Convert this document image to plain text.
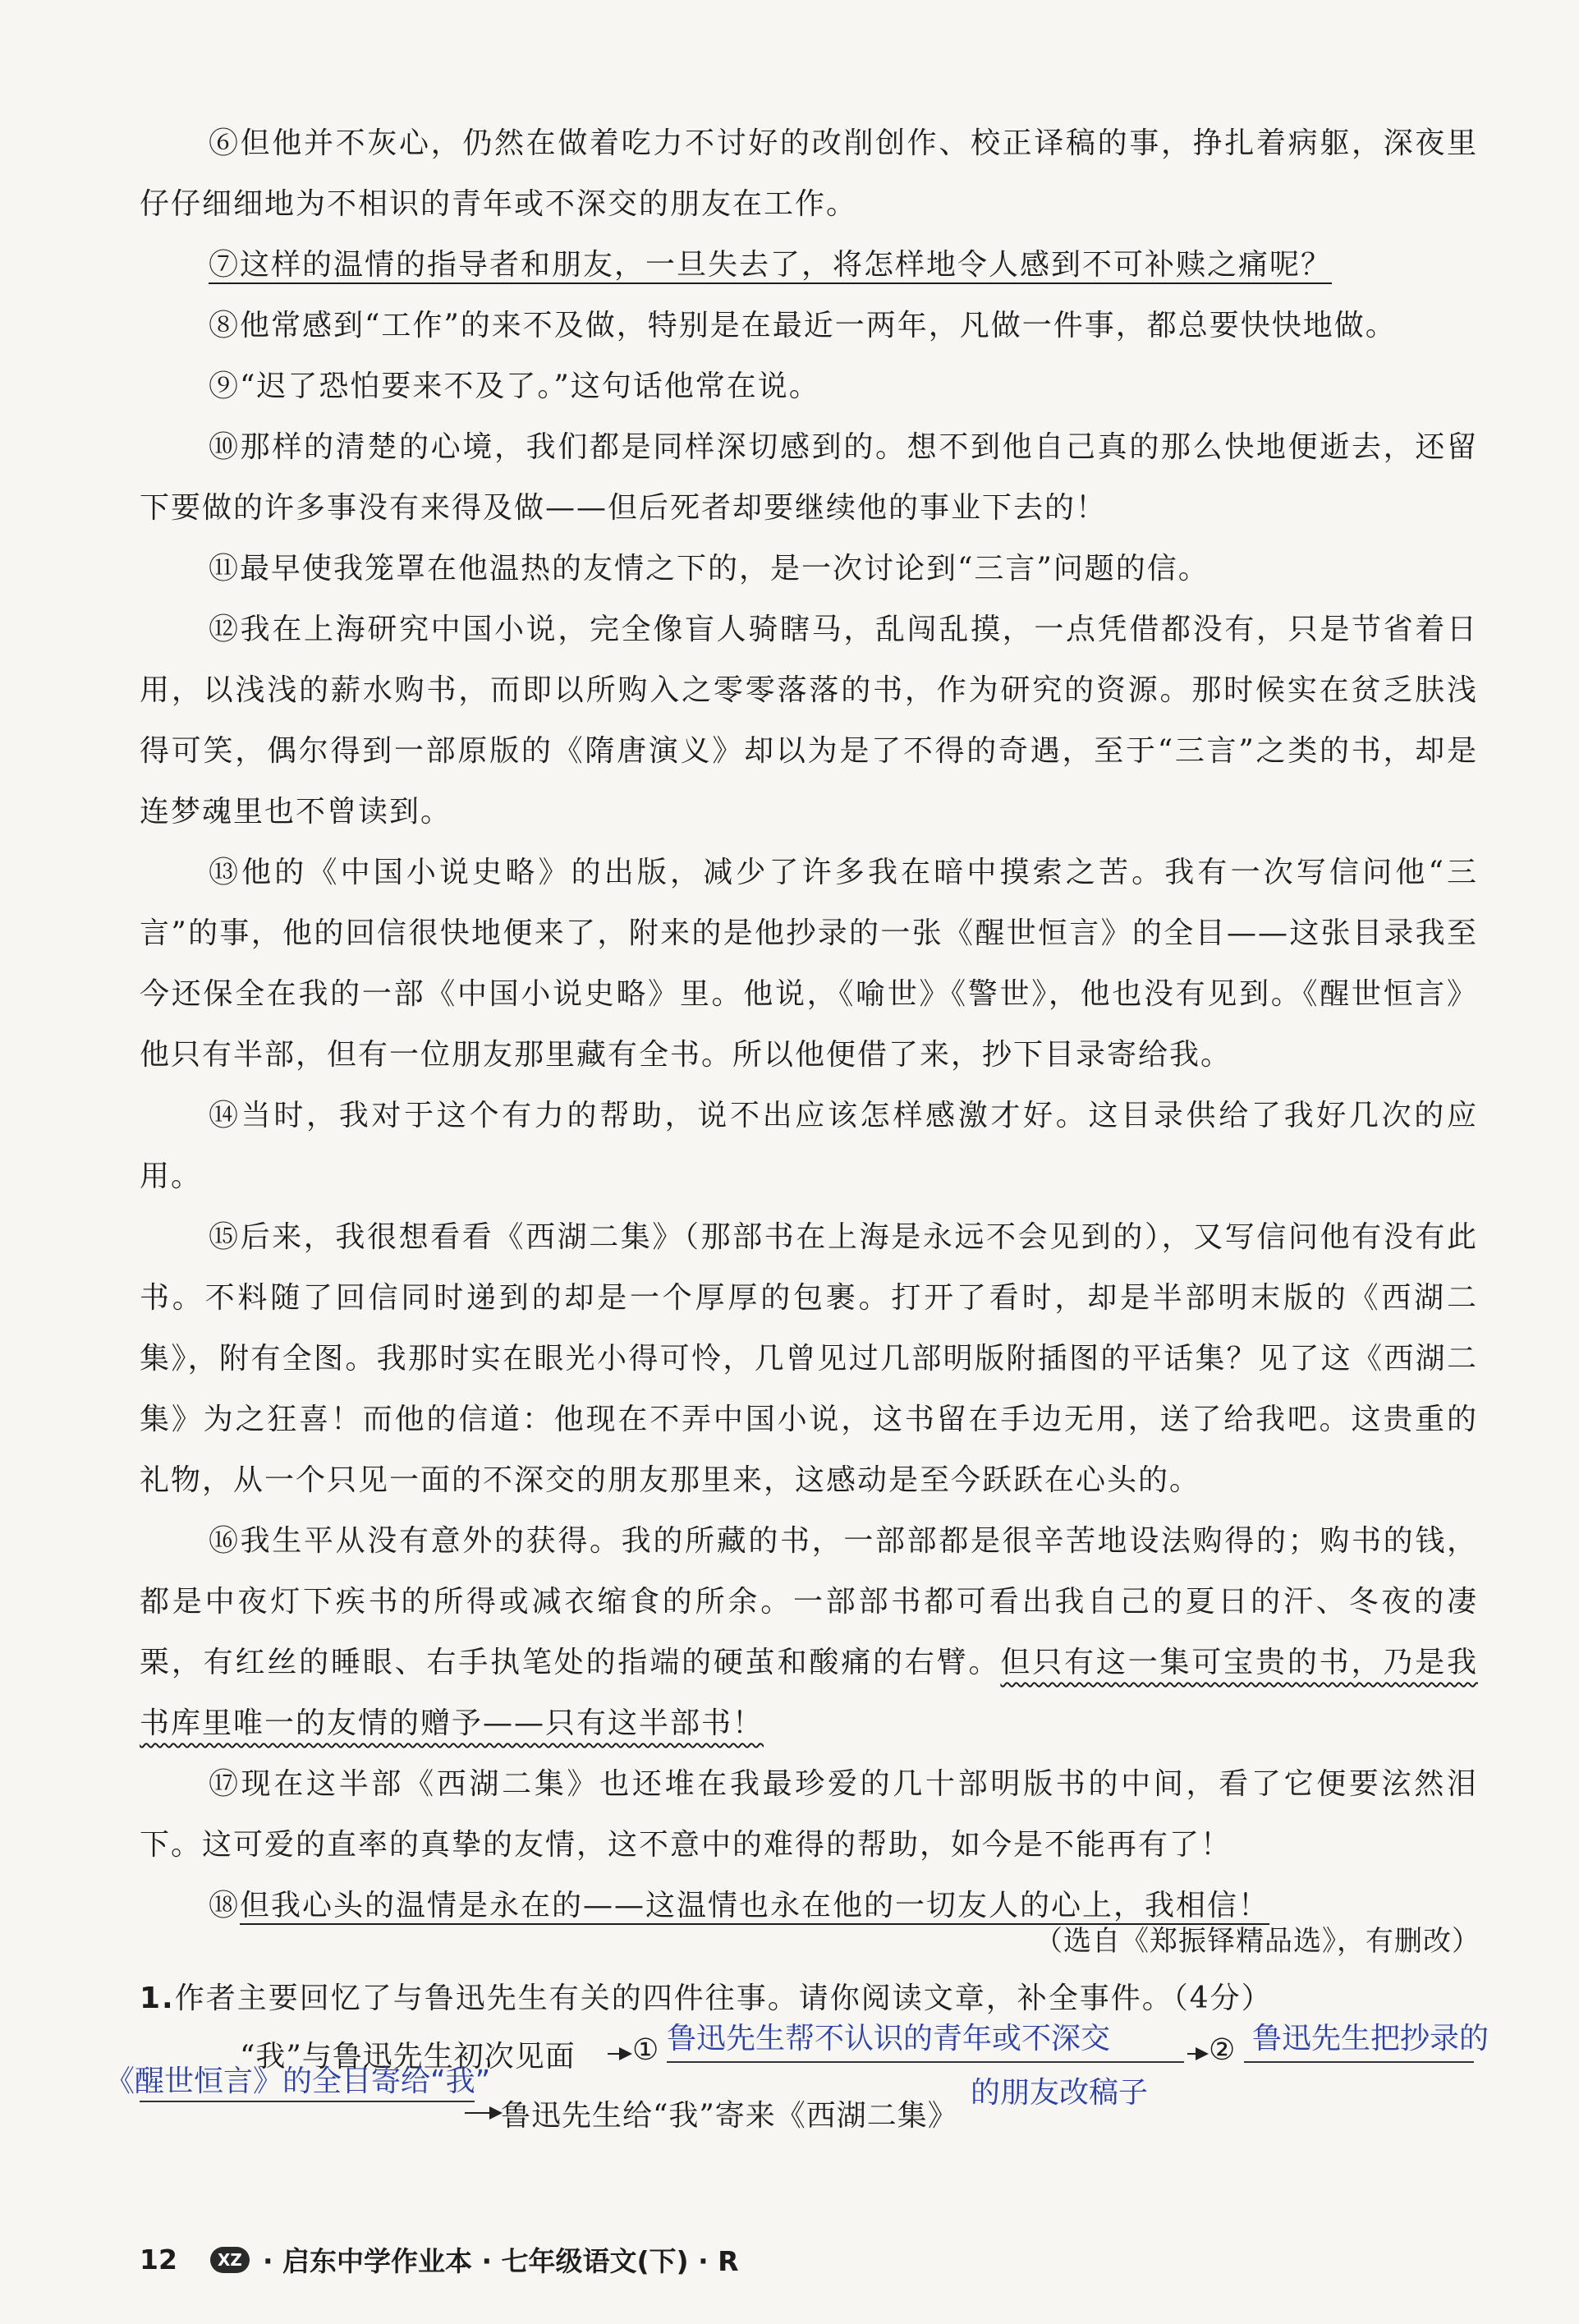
⑥但他并不灰心，仍然在做着吃力不讨好的改削创作、校正译稿的事，挣扎着病躯，深夜里仔仔细细地为不相识的青年或不深交的朋友在工作。

⑦这样的温情的指导者和朋友，一旦失去了，将怎样地令人感到不可补赎之痛呢？

⑧他常感到“工作”的来不及做，特别是在最近一两年，凡做一件事，都总要快快地做。

⑨“迟了恐怕要来不及了。”这句话他常在说。

⑩那样的清楚的心境，我们都是同样深切感到的。想不到他自己真的那么快地便逝去，还留下要做的许多事没有来得及做——但后死者却要继续他的事业下去的！

⑪最早使我笼罩在他温热的友情之下的，是一次讨论到“三言”问题的信。

⑫我在上海研究中国小说，完全像盲人骑瞎马，乱闯乱摸，一点凭借都没有，只是节省着日用，以浅浅的薪水购书，而即以所购入之零零落落的书，作为研究的资源。那时候实在贫乏肤浅得可笑，偶尔得到一部原版的《隋唐演义》却以为是了不得的奇遇，至于“三言”之类的书，却是连梦魂里也不曾读到。

⑬他的《中国小说史略》的出版，减少了许多我在暗中摸索之苦。我有一次写信问他“三言”的事，他的回信很快地便来了，附来的是他抄录的一张《醒世恒言》的全目——这张目录我至今还保全在我的一部《中国小说史略》里。他说，《喻世》《警世》，他也没有见到。《醒世恒言》他只有半部，但有一位朋友那里藏有全书。所以他便借了来，抄下目录寄给我。

⑭当时，我对于这个有力的帮助，说不出应该怎样感激才好。这目录供给了我好几次的应用。

⑮后来，我很想看看《西湖二集》（那部书在上海是永远不会见到的），又写信问他有没有此书。不料随了回信同时递到的却是一个厚厚的包裹。打开了看时，却是半部明末版的《西湖二集》，附有全图。我那时实在眼光小得可怜，几曾见过几部明版附插图的平话集？见了这《西湖二集》为之狂喜！而他的信道：他现在不弄中国小说，这书留在手边无用，送了给我吧。这贵重的礼物，从一个只见一面的不深交的朋友那里来，这感动是至今跃跃在心头的。

⑯我生平从没有意外的获得。我的所藏的书，一部部都是很辛苦地设法购得的；购书的钱，都是中夜灯下疾书的所得或减衣缩食的所余。一部部书都可看出我自己的夏日的汗、冬夜的凄栗，有红丝的睡眼、右手执笔处的指端的硬茧和酸痛的右臂。但只有这一集可宝贵的书，乃是我书库里唯一的友情的赠予——只有这半部书！

⑰现在这半部《西湖二集》也还堆在我最珍爱的几十部明版书的中间，看了它便要泫然泪下。这可爱的直率的真挚的友情，这不意中的难得的帮助，如今是不能再有了！

⑱但我心头的温情是永在的——这温情也永在他的一切友人的心上，我相信！

（选自《郑振铎精品选》，有删改）
1.作者主要回忆了与鲁迅先生有关的四件往事。请你阅读文章，补全事件。（4分）
“我”与鲁迅先生初次见面 ① 鲁迅先生帮不认识的青年或不深交	② 鲁迅先生把抄录的
《醒世恒言》的全目寄给“我”
鲁迅先生给“我”寄来《西湖二集》
的朋友改稿子
12	XZ · 启东中学作业本 · 七年级语文(下) · R
